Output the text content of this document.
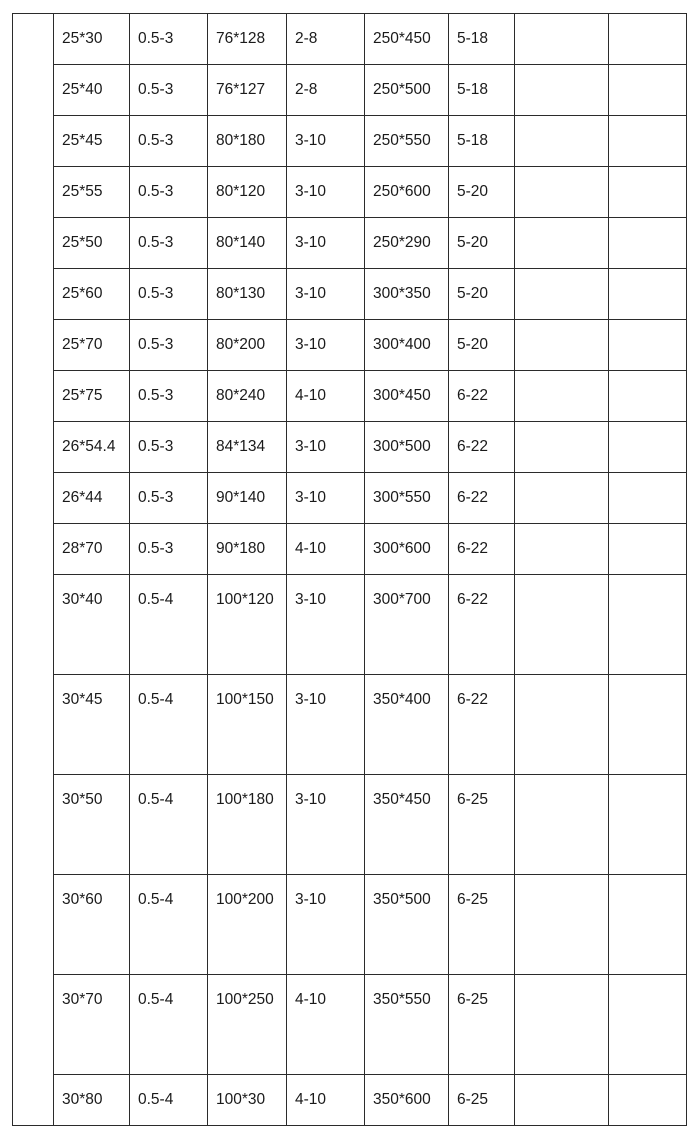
	25*30	0.5-3	76*128	2-8	250*450	5-18		
	25*40	0.5-3	76*127	2-8	250*500	5-18		
	25*45	0.5-3	80*180	3-10	250*550	5-18		
	25*55	0.5-3	80*120	3-10	250*600	5-20		
	25*50	0.5-3	80*140	3-10	250*290	5-20		
	25*60	0.5-3	80*130	3-10	300*350	5-20		
	25*70	0.5-3	80*200	3-10	300*400	5-20		
	25*75	0.5-3	80*240	4-10	300*450	6-22		
	26*54.4	0.5-3	84*134	3-10	300*500	6-22		
	26*44	0.5-3	90*140	3-10	300*550	6-22		
	28*70	0.5-3	90*180	4-10	300*600	6-22		
	30*40	0.5-4	100*120	3-10	300*700	6-22		
	30*45	0.5-4	100*150	3-10	350*400	6-22		
	30*50	0.5-4	100*180	3-10	350*450	6-25		
	30*60	0.5-4	100*200	3-10	350*500	6-25		
	30*70	0.5-4	100*250	4-10	350*550	6-25		
	30*80	0.5-4	100*30	4-10	350*600	6-25		
